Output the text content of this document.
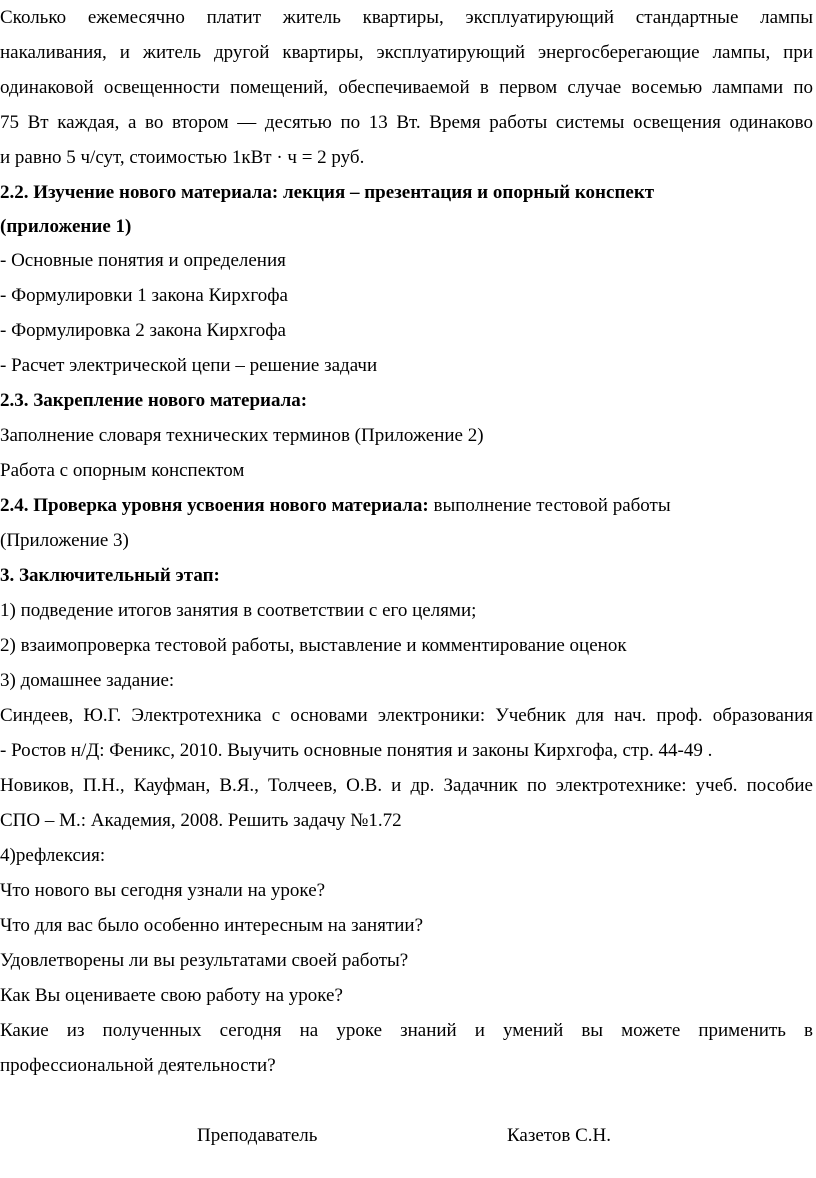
Сколько ежемесячно платит житель квартиры, эксплуатирующий стандартные лампы
накаливания, и житель другой квартиры, эксплуатирующий энергосберегающие лампы, при
одинаковой освещенности помещений, обеспечиваемой в первом случае восемью лампами по
75 Вт каждая, а во втором — десятью по 13 Вт. Время работы системы освещения одинаково
и равно 5 ч/сут, стоимостью 1кВт · ч = 2 руб.
2.2. Изучение нового материала: лекция – презентация и опорный конспект
(приложение 1)
- Основные понятия и определения
- Формулировки 1 закона Кирхгофа
- Формулировка 2 закона Кирхгофа
- Расчет электрической цепи – решение задачи
2.3. Закрепление нового материала:
Заполнение словаря технических терминов (Приложение 2)
Работа с опорным конспектом
2.4. Проверка уровня усвоения нового материала: выполнение тестовой работы
(Приложение 3)
3. Заключительный этап:
1) подведение итогов занятия в соответствии с его целями;
2) взаимопроверка тестовой работы, выставление и комментирование оценок
3) домашнее задание:
Синдеев, Ю.Г. Электротехника с основами электроники: Учебник для нач. проф. образования
- Ростов н/Д: Феникс, 2010. Выучить основные понятия и законы Кирхгофа, стр. 44-49 .
Новиков, П.Н., Кауфман, В.Я., Толчеев, О.В. и др. Задачник по электротехнике: учеб. пособие
СПО – М.: Академия, 2008. Решить задачу №1.72
4)рефлексия:
Что нового вы сегодня узнали на уроке?
Что для вас было особенно интересным на занятии?
Удовлетворены ли вы результатами своей работы?
Как Вы оцениваете свою работу на уроке?
Какие из полученных сегодня на уроке знаний и умений вы можете применить в
профессиональной деятельности?
Преподаватель	Казетов С.Н.
